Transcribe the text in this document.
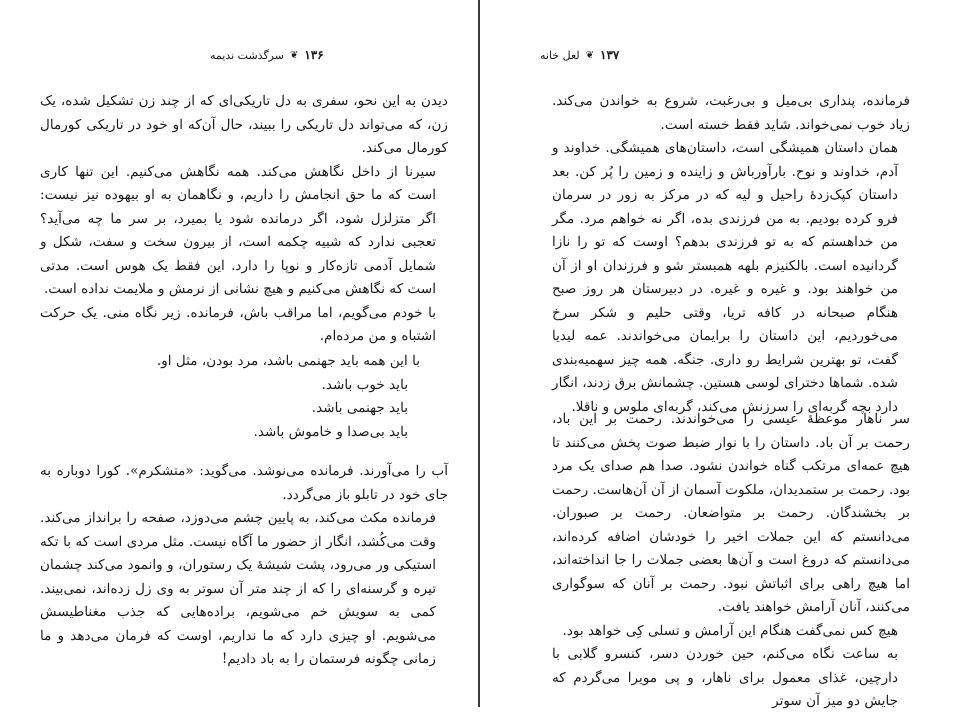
۱۳۶
❦
سرگذشت ندیمه

دیدن به این نحو، سفری به دل تاریکی‌ای که از چند زن تشکیل شده، یک زن، که می‌تواند دل تاریکی را ببیند، حال آن‌که او خود در تاریکی کورمال کورمال می‌کند.

سیرنا از داخل نگاهش می‌کند. همه نگاهش می‌کنیم. این تنها کاری است که ما حق انجامش را داریم، و نگاهمان به او بیهوده نیز نیست: اگر متزلزل شود، اگر درمانده شود یا بمیرد، بر سر ما چه می‌آید؟ تعجبی ندارد که شبیه چکمه است، از بیرون سخت و سفت، شکل و شمایل آدمی تازه‌کار و نوپا را دارد. این فقط یک هوس است. مدتی است که نگاهش می‌کنیم و هیچ نشانی از نرمش و ملایمت نداده است.

با خودم می‌گویم، اما مراقب باش، فرمانده. زیر نگاه منی. یک حرکت اشتباه و من مرده‌ام.

با این همه باید جهنمی باشد، مرد بودن، مثل او.

باید خوب باشد.

باید جهنمی باشد.

باید بی‌صدا و خاموش باشد.

آب را می‌آورند. فرمانده می‌نوشد. می‌گوید: «متشکرم». کورا دوباره به جای خود در تابلو باز می‌گردد.

فرمانده مکث می‌کند، به پایین چشم می‌دوزد، صفحه را برانداز می‌کند. وقت می‌کُشد، انگار از حضور ما آگاه نیست. مثل مردی است که با تکه استیکی ور می‌رود، پشت شیشهٔ یک رستوران، و وانمود می‌کند چشمان تیره و گرسنه‌ای را که از چند متر آن سوتر به وی زل زده‌اند، نمی‌بیند. کمی به سویش خم می‌شویم، براده‌هایی که جذب مغناطیسش می‌شویم. او چیزی دارد که ما نداریم، اوست که فرمان می‌دهد و ما زمانی چگونه فرستمان را به باد دادیم!

۱۳۷
❦
لعل خانه

فرمانده، پنداری بی‌میل و بی‌رغبت، شروع به خواندن می‌کند. زیاد خوب نمی‌خواند. شاید فقط خسته است.

همان داستان همیشگی است، داستان‌های همیشگی. خداوند و آدم، خداوند و نوح. بارآورباش و زاینده و زمین را پُر کن. بعد داستان کپک‌زدهٔ راحیل و لیه که در مرکز به زور در سرمان فرو کرده بودیم. به من فرزندی بده، اگر نه خواهم مرد. مگر من خداهستم که به تو فرزندی بدهم؟ اوست که تو را نازا گردانیده است. بالکنیزم بلهه همبستر شو و فرزندان او از آن من خواهند بود. و غیره و غیره. در دبیرستان هر روز صبح هنگام صبحانه در کافه تریا، وقتی حلیم و شکر سرخ می‌خوردیم، این داستان را برایمان می‌خواندند. عمه لیدیا گفت، تو بهترین شرایط رو داری. جنگه. همه چیز سهمیه‌بندی شده. شماها دخترای لوسی هستین. چشمانش برق زدند، انگار دارد بچه گربه‌ای را سرزنش می‌کند، گربه‌ای ملوس و ناقلا.

سر ناهار موعظهٔ عیسی را می‌خواندند. رحمت بر این باد، رحمت بر آن باد. داستان را با نوار ضبط صوت پخش می‌کنند تا هیچ عمه‌ای مرتکب گناه خواندن نشود. صدا هم صدای یک مرد بود. رحمت بر ستمدیدان، ملکوت آسمان از آن آن‌هاست. رحمت بر بخشندگان. رحمت بر متواضعان. رحمت بر صبوران. می‌دانستم که این جملات اخیر را خودشان اضافه کرده‌اند، می‌دانستم که دروغ است و آن‌ها بعضی جملات را جا انداخته‌اند، اما هیچ راهی برای اثباتش نبود. رحمت بر آنان که سوگواری می‌کنند، آنان آرامش خواهند یافت.

هیچ کس نمی‌گفت هنگام این آرامش و تسلی کِی خواهد بود.

به ساعت نگاه می‌کنم، حین خوردن دسر، کنسرو گلابی با دارچین، غذای معمول برای ناهار، و پی مویرا می‌گردم که جایش دو میز آن سوتر
